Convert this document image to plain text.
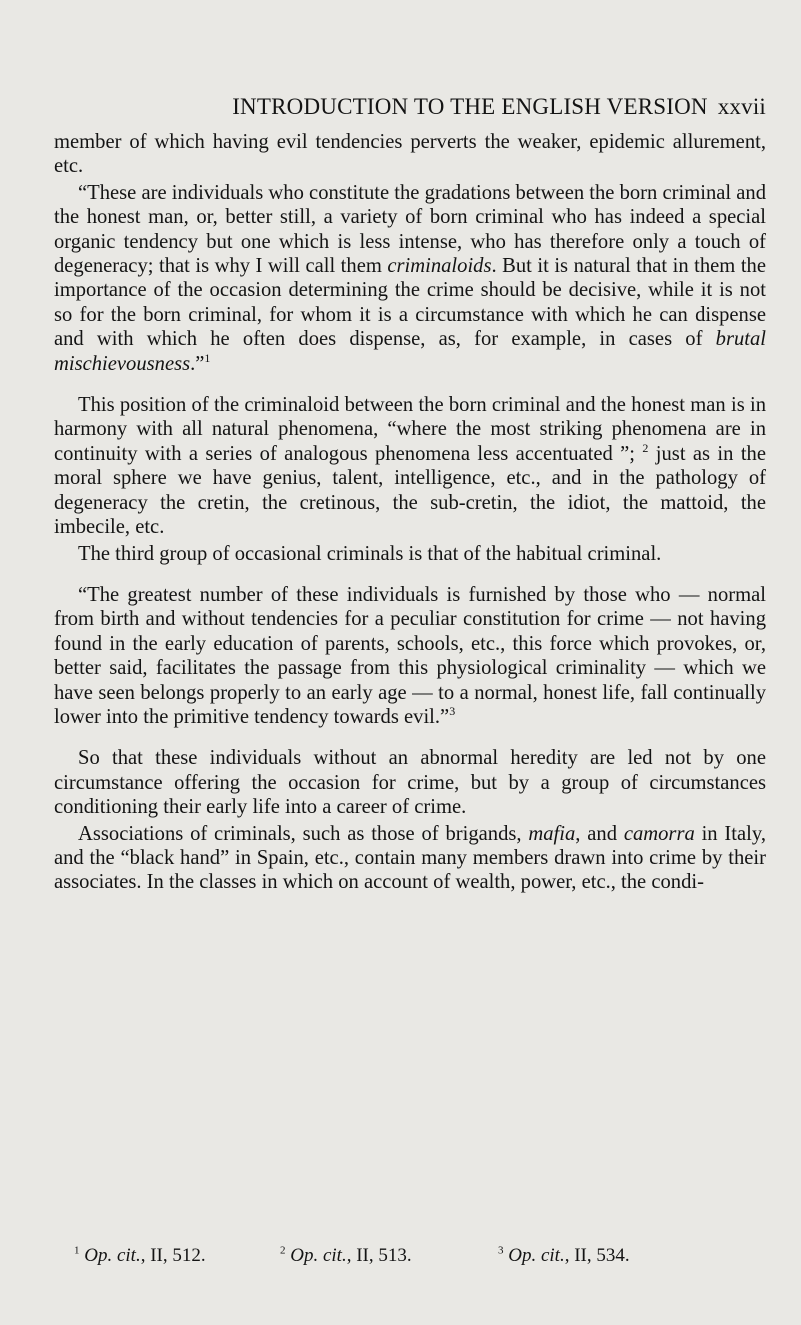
INTRODUCTION TO THE ENGLISH VERSION xxvii

member of which having evil tendencies perverts the weaker, epidemic allurement, etc.

“These are individuals who constitute the gradations between the born criminal and the honest man, or, better still, a variety of born criminal who has indeed a special organic tendency but one which is less intense, who has therefore only a touch of degeneracy; that is why I will call them criminaloids. But it is natural that in them the importance of the occasion determining the crime should be decisive, while it is not so for the born criminal, for whom it is a circumstance with which he can dispense and with which he often does dispense, as, for example, in cases of brutal mischievousness.”$^1$

This position of the criminaloid between the born criminal and the honest man is in harmony with all natural phenomena, “where the most striking phenomena are in continuity with a series of analogous phenomena less accentuated ”; $^2$ just as in the moral sphere we have genius, talent, intelligence, etc., and in the pathology of degeneracy the cretin, the cretinous, the sub-cretin, the idiot, the mattoid, the imbecile, etc.

The third group of occasional criminals is that of the habitual criminal.

“The greatest number of these individuals is furnished by those who — normal from birth and without tendencies for a peculiar constitution for crime — not having found in the early education of parents, schools, etc., this force which provokes, or, better said, facilitates the passage from this physiological criminality — which we have seen belongs properly to an early age — to a normal, honest life, fall continually lower into the primitive tendency towards evil.”$^3$

So that these individuals without an abnormal heredity are led not by one circumstance offering the occasion for crime, but by a group of circumstances conditioning their early life into a career of crime.

Associations of criminals, such as those of brigands, mafia, and camorra in Italy, and the “black hand” in Spain, etc., contain many members drawn into crime by their associates. In the classes in which on account of wealth, power, etc., the condi-

$^1$ Op. cit., II, 512.	$^2$ Op. cit., II, 513.	$^3$ Op. cit., II, 534.
